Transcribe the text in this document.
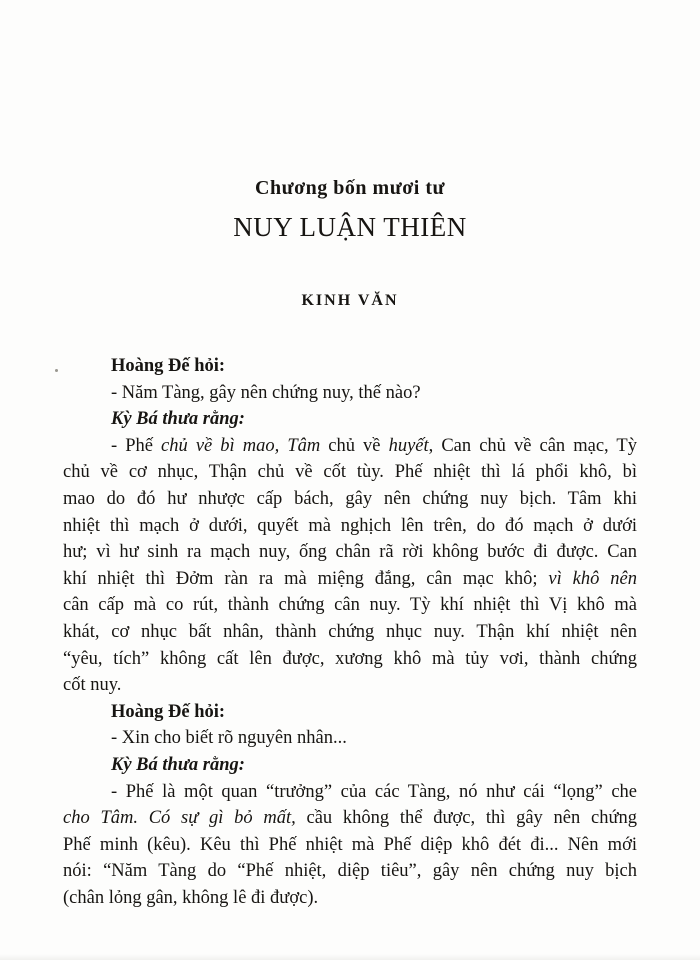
Chương bốn mươi tư
NUY LUẬN THIÊN
KINH VĂN
Hoàng Đế hỏi:
- Năm Tàng, gây nên chứng nuy, thế nào?
Kỳ Bá thưa rằng:
- Phế chủ về bì mao, Tâm chủ về huyết, Can chủ về cân mạc, Tỳ
chủ về cơ nhục, Thận chủ về cốt tùy. Phế nhiệt thì lá phổi khô, bì
mao do đó hư nhược cấp bách, gây nên chứng nuy bịch. Tâm khi
nhiệt thì mạch ở dưới, quyết mà nghịch lên trên, do đó mạch ở dưới
hư; vì hư sinh ra mạch nuy, ống chân rã rời không bước đi được. Can
khí nhiệt thì Đởm ràn ra mà miệng đắng, cân mạc khô; vì khô nên
cân cấp mà co rút, thành chứng cân nuy. Tỳ khí nhiệt thì Vị khô mà
khát, cơ nhục bất nhân, thành chứng nhục nuy. Thận khí nhiệt nên
“yêu, tích” không cất lên được, xương khô mà tủy vơi, thành chứng
cốt nuy.
Hoàng Đế hỏi:
- Xin cho biết rõ nguyên nhân...
Kỳ Bá thưa rằng:
- Phế là một quan “trưởng” của các Tàng, nó như cái “lọng” che
cho Tâm. Có sự gì bỏ mất, cầu không thể được, thì gây nên chứng
Phế minh (kêu). Kêu thì Phế nhiệt mà Phế diệp khô đét đi... Nên mới
nói: “Năm Tàng do “Phế nhiệt, diệp tiêu”, gây nên chứng nuy bịch
(chân lỏng gân, không lê đi được).
